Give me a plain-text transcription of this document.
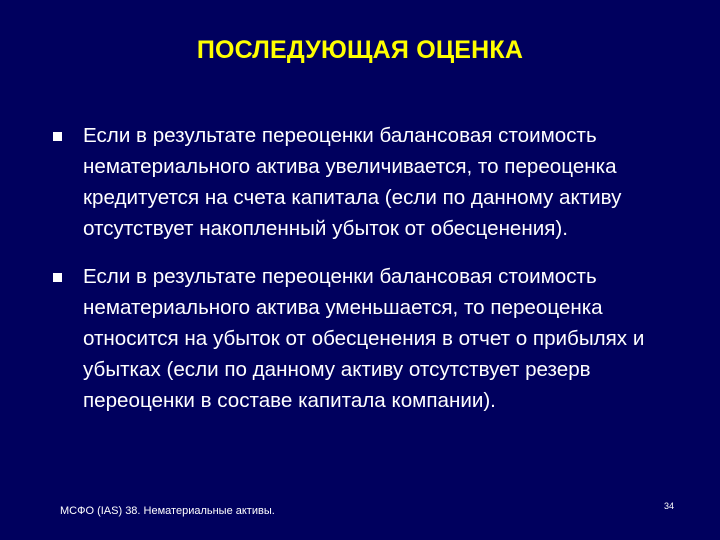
ПОСЛЕДУЮЩАЯ ОЦЕНКА
Если в результате переоценки балансовая стоимость нематериального актива увеличивается, то переоценка кредитуется на счета капитала (если по данному активу отсутствует накопленный убыток от обесценения).
Если в результате переоценки балансовая стоимость нематериального актива уменьшается, то переоценка относится на убыток от обесценения в отчет о прибылях и убытках (если по данному активу отсутствует резерв переоценки в составе капитала компании).
МСФО (IAS) 38. Нематериальные активы.	34
